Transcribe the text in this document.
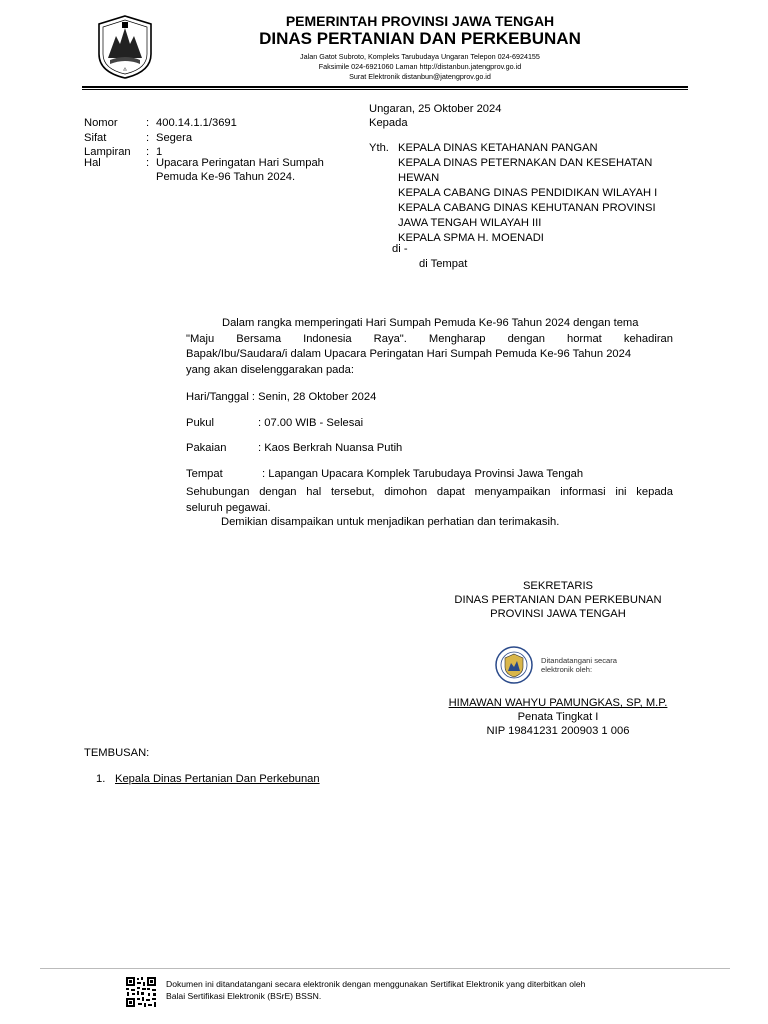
⁂
PEMERINTAH PROVINSI JAWA TENGAH
DINAS PERTANIAN DAN PERKEBUNAN
Jalan Gatot Subroto, Kompleks Tarubudaya Ungaran Telepon 024-6924155
Faksimile 024-6921060 Laman http://distanbun.jatengprov.go.id
Surat Elektronik distanbun@jatengprov.go.id
Ungaran, 25 Oktober 2024
Kepada
Nomor	: 400.14.1.1/3691
Sifat	: Segera
Lampiran : 1
Hal	: Upacara Peringatan Hari Sumpah
Pemuda Ke-96 Tahun 2024.
Yth. KEPALA DINAS KETAHANAN PANGAN
KEPALA DINAS PETERNAKAN DAN KESEHATAN
HEWAN
KEPALA CABANG DINAS PENDIDIKAN WILAYAH I
KEPALA CABANG DINAS KEHUTANAN PROVINSI
JAWA TENGAH WILAYAH III
KEPALA SPMA H. MOENADI
di -
di Tempat
Dalam rangka memperingati Hari Sumpah Pemuda Ke-96 Tahun 2024 dengan tema
"Maju Bersama Indonesia Raya". Mengharap dengan hormat kehadiran
Bapak/Ibu/Saudara/i dalam Upacara Peringatan Hari Sumpah Pemuda Ke-96 Tahun 2024
yang akan diselenggarakan pada:
Hari/Tanggal : Senin, 28 Oktober 2024
Pukul	: 07.00 WIB - Selesai
Pakaian	: Kaos Berkrah Nuansa Putih
Tempat	: Lapangan Upacara Komplek Tarubudaya Provinsi Jawa Tengah
Sehubungan dengan hal tersebut, dimohon dapat menyampaikan informasi ini kepada
seluruh pegawai.
Demikian disampaikan untuk menjadikan perhatian dan terimakasih.
SEKRETARIS
DINAS PERTANIAN DAN PERKEBUNAN
PROVINSI JAWA TENGAH
Ditandatangani secara
elektronik oleh:
HIMAWAN WAHYU PAMUNGKAS, SP, M.P.
Penata Tingkat I
NIP 19841231 200903 1 006
TEMBUSAN:
1. Kepala Dinas Pertanian Dan Perkebunan
Dokumen ini ditandatangani secara elektronik dengan menggunakan Sertifikat Elektronik yang diterbitkan oleh
Balai Sertifikasi Elektronik (BSrE) BSSN.
